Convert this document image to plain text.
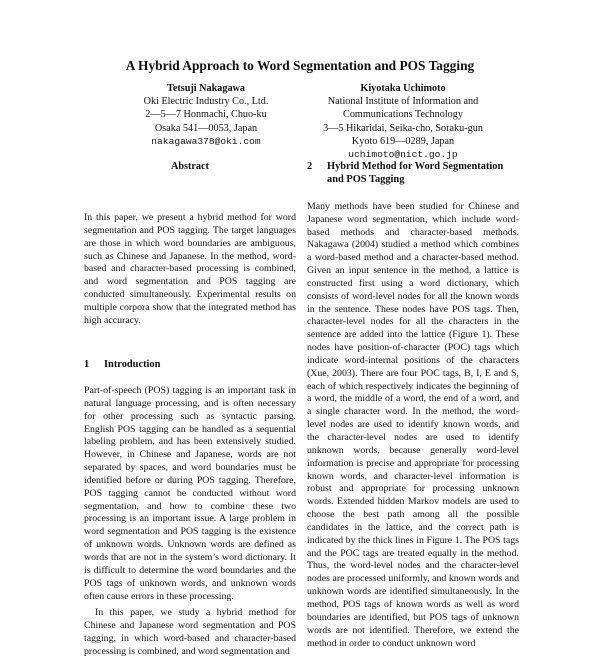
A Hybrid Approach to Word Segmentation and POS Tagging
Tetsuji Nakagawa
Oki Electric Industry Co., Ltd.
2—5—7 Honmachi, Chuo-ku
Osaka 541—0053, Japan
nakagawa378@oki.com
Kiyotaka Uchimoto
National Institute of Information and
Communications Technology
3—5 Hikaridai, Seika-cho, Soraku-gun
Kyoto 619—0289, Japan
uchimoto@nict.go.jp
Abstract

In this paper, we present a hybrid method for word segmentation and POS tagging. The target languages are those in which word boundaries are ambiguous, such as Chinese and Japanese. In the method, word-based and character-based processing is combined, and word segmentation and POS tagging are conducted simultaneously. Experimental results on multiple corpora show that the integrated method has high accuracy.

1	Introduction

Part-of-speech (POS) tagging is an important task in natural language processing, and is often necessary for other processing such as syntactic parsing. English POS tagging can be handled as a sequential labeling problem, and has been extensively studied. However, in Chinese and Japanese, words are not separated by spaces, and word boundaries must be identified before or during POS tagging. Therefore, POS tagging cannot be conducted without word segmentation, and how to combine these two processing is an important issue. A large problem in word segmentation and POS tagging is the existence of unknown words. Unknown words are defined as words that are not in the system’s word dictionary. It is difficult to determine the word boundaries and the POS tags of unknown words, and unknown words often cause errors in these processing.

In this paper, we study a hybrid method for Chinese and Japanese word segmentation and POS tagging, in which word-based and character-based processing is combined, and word segmentation and

2	Hybrid Method for Word Segmentation and POS Tagging

Many methods have been studied for Chinese and Japanese word segmentation, which include word-based methods and character-based methods. Nakagawa (2004) studied a method which combines a word-based method and a character-based method. Given an input sentence in the method, a lattice is constructed first using a word dictionary, which consists of word-level nodes for all the known words in the sentence. These nodes have POS tags. Then, character-level nodes for all the characters in the sentence are added into the lattice (Figure 1). These nodes have position-of-character (POC) tags which indicate word-internal positions of the characters (Xue, 2003). There are four POC tags, B, I, E and S, each of which respectively indicates the beginning of a word, the middle of a word, the end of a word, and a single character word. In the method, the word-level nodes are used to identify known words, and the character-level nodes are used to identify unknown words, because generally word-level information is precise and appropriate for processing known words, and character-level information is robust and appropriate for processing unknown words. Extended hidden Markov models are used to choose the best path among all the possible candidates in the lattice, and the correct path is indicated by the thick lines in Figure 1. The POS tags and the POC tags are treated equally in the method. Thus, the word-level nodes and the character-level nodes are processed uniformly, and known words and unknown words are identified simultaneously. In the method, POS tags of known words as well as word boundaries are identified, but POS tags of unknown words are not identified. Therefore, we extend the method in order to conduct unknown word
